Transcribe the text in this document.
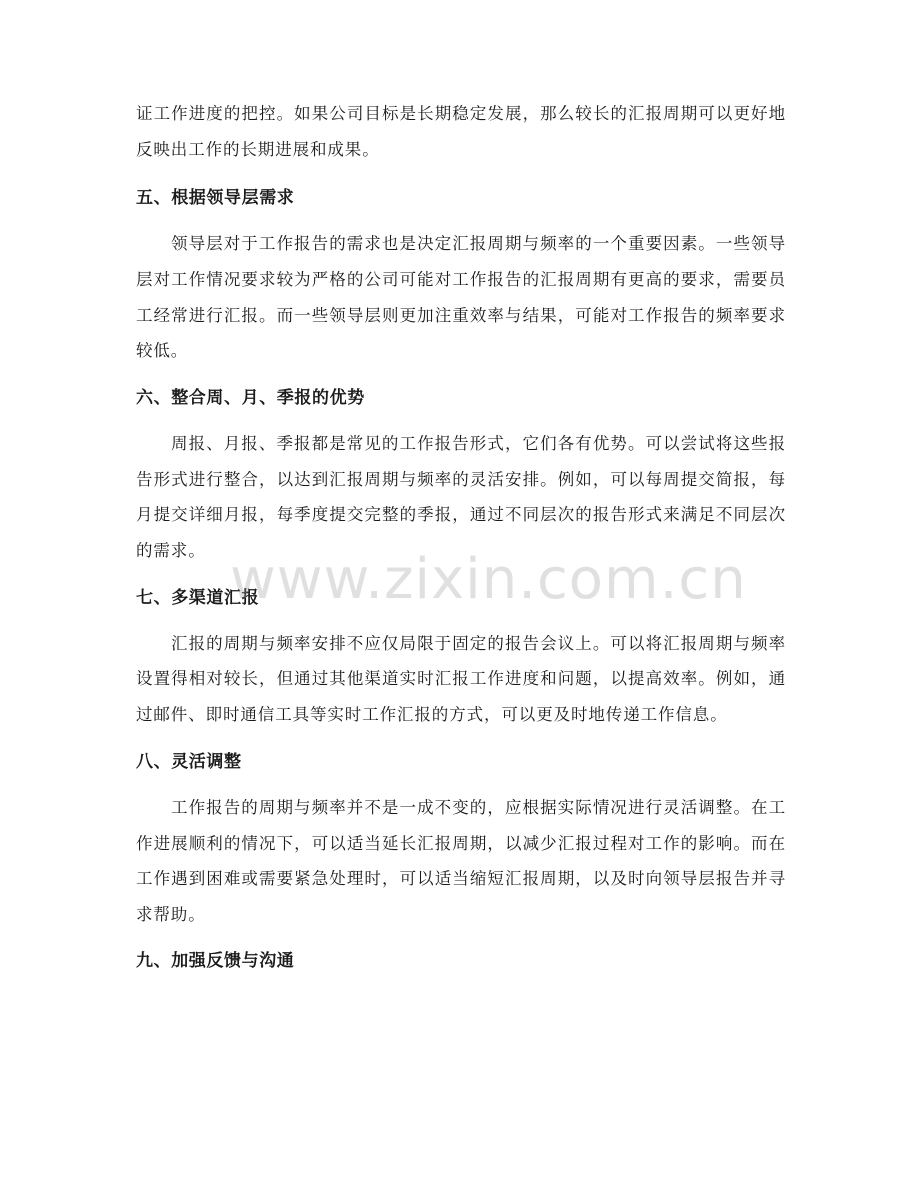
证工作进度的把控。如果公司目标是长期稳定发展，那么较长的汇报周期可以更好地反映出工作的长期进展和成果。

五、根据领导层需求

领导层对于工作报告的需求也是决定汇报周期与频率的一个重要因素。一些领导层对工作情况要求较为严格的公司可能对工作报告的汇报周期有更高的要求，需要员工经常进行汇报。而一些领导层则更加注重效率与结果，可能对工作报告的频率要求较低。

六、整合周、月、季报的优势

周报、月报、季报都是常见的工作报告形式，它们各有优势。可以尝试将这些报告形式进行整合，以达到汇报周期与频率的灵活安排。例如，可以每周提交简报，每月提交详细月报，每季度提交完整的季报，通过不同层次的报告形式来满足不同层次的需求。

七、多渠道汇报

汇报的周期与频率安排不应仅局限于固定的报告会议上。可以将汇报周期与频率设置得相对较长，但通过其他渠道实时汇报工作进度和问题，以提高效率。例如，通过邮件、即时通信工具等实时工作汇报的方式，可以更及时地传递工作信息。

八、灵活调整

工作报告的周期与频率并不是一成不变的，应根据实际情况进行灵活调整。在工作进展顺利的情况下，可以适当延长汇报周期，以减少汇报过程对工作的影响。而在工作遇到困难或需要紧急处理时，可以适当缩短汇报周期，以及时向领导层报告并寻求帮助。

九、加强反馈与沟通
www.zixin.com.cn
